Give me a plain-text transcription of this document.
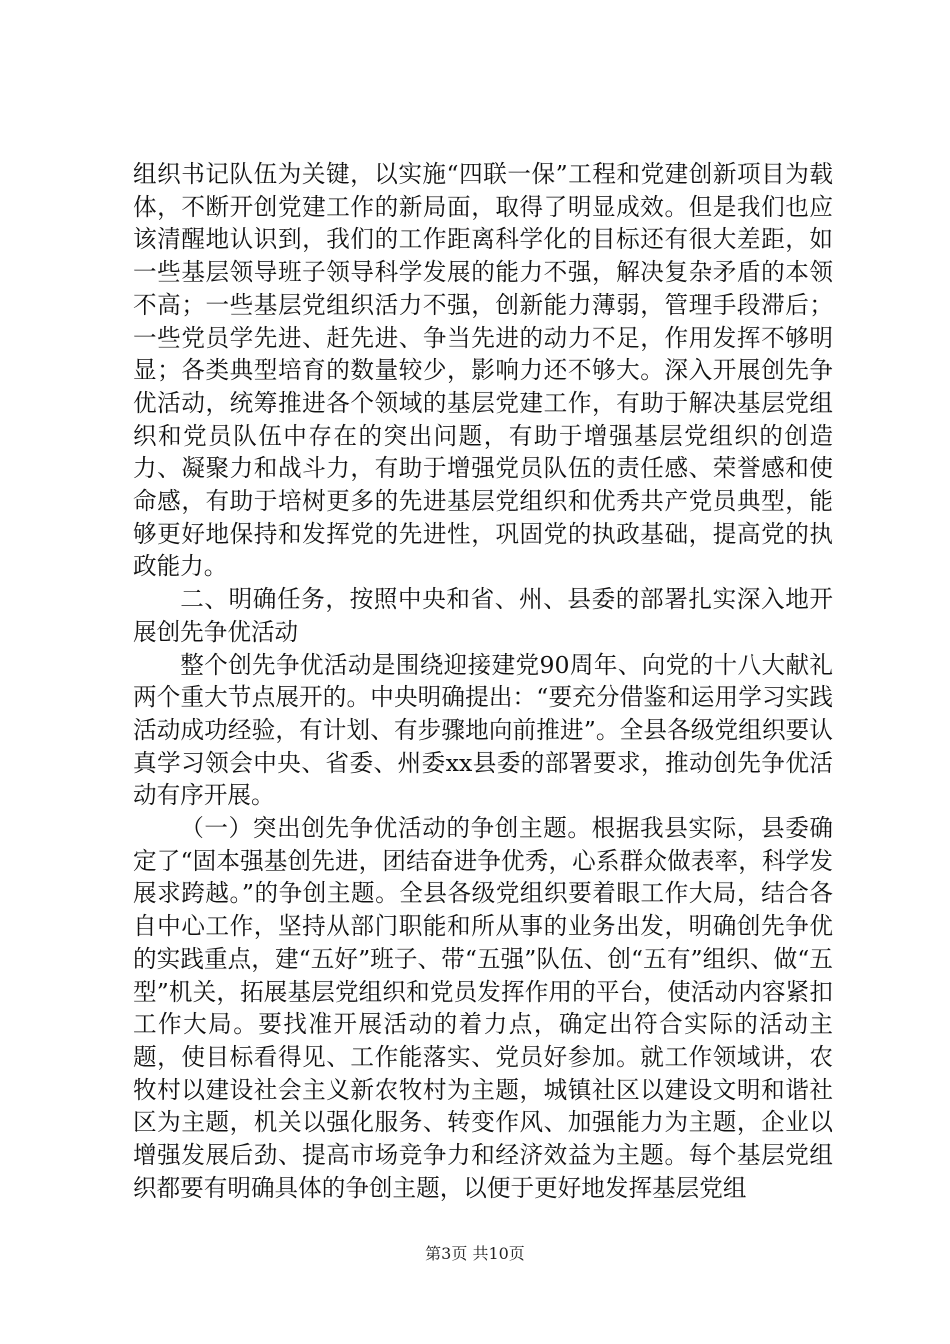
组织书记队伍为关键，以实施“四联一保”工程和党建创新项目为载体，不断开创党建工作的新局面，取得了明显成效。但是我们也应该清醒地认识到，我们的工作距离科学化的目标还有很大差距，如一些基层领导班子领导科学发展的能力不强，解决复杂矛盾的本领不高；一些基层党组织活力不强，创新能力薄弱，管理手段滞后；一些党员学先进、赶先进、争当先进的动力不足，作用发挥不够明显；各类典型培育的数量较少，影响力还不够大。深入开展创先争优活动，统筹推进各个领域的基层党建工作，有助于解决基层党组织和党员队伍中存在的突出问题，有助于增强基层党组织的创造力、凝聚力和战斗力，有助于增强党员队伍的责任感、荣誉感和使命感，有助于培树更多的先进基层党组织和优秀共产党员典型，能够更好地保持和发挥党的先进性，巩固党的执政基础，提高党的执政能力。

二、明确任务，按照中央和省、州、县委的部署扎实深入地开展创先争优活动

整个创先争优活动是围绕迎接建党90周年、向党的十八大献礼两个重大节点展开的。中央明确提出：“要充分借鉴和运用学习实践活动成功经验，有计划、有步骤地向前推进”。全县各级党组织要认真学习领会中央、省委、州委xx县委的部署要求，推动创先争优活动有序开展。

（一）突出创先争优活动的争创主题。根据我县实际，县委确定了“固本强基创先进，团结奋进争优秀，心系群众做表率，科学发展求跨越。”的争创主题。全县各级党组织要着眼工作大局，结合各自中心工作，坚持从部门职能和所从事的业务出发，明确创先争优的实践重点，建“五好”班子、带“五强”队伍、创“五有”组织、做“五型”机关，拓展基层党组织和党员发挥作用的平台，使活动内容紧扣工作大局。要找准开展活动的着力点，确定出符合实际的活动主题，使目标看得见、工作能落实、党员好参加。就工作领域讲，农牧村以建设社会主义新农牧村为主题，城镇社区以建设文明和谐社区为主题，机关以强化服务、转变作风、加强能力为主题，企业以增强发展后劲、提高市场竞争力和经济效益为主题。每个基层党组织都要有明确具体的争创主题，以便于更好地发挥基层党组

第3页 共10页
